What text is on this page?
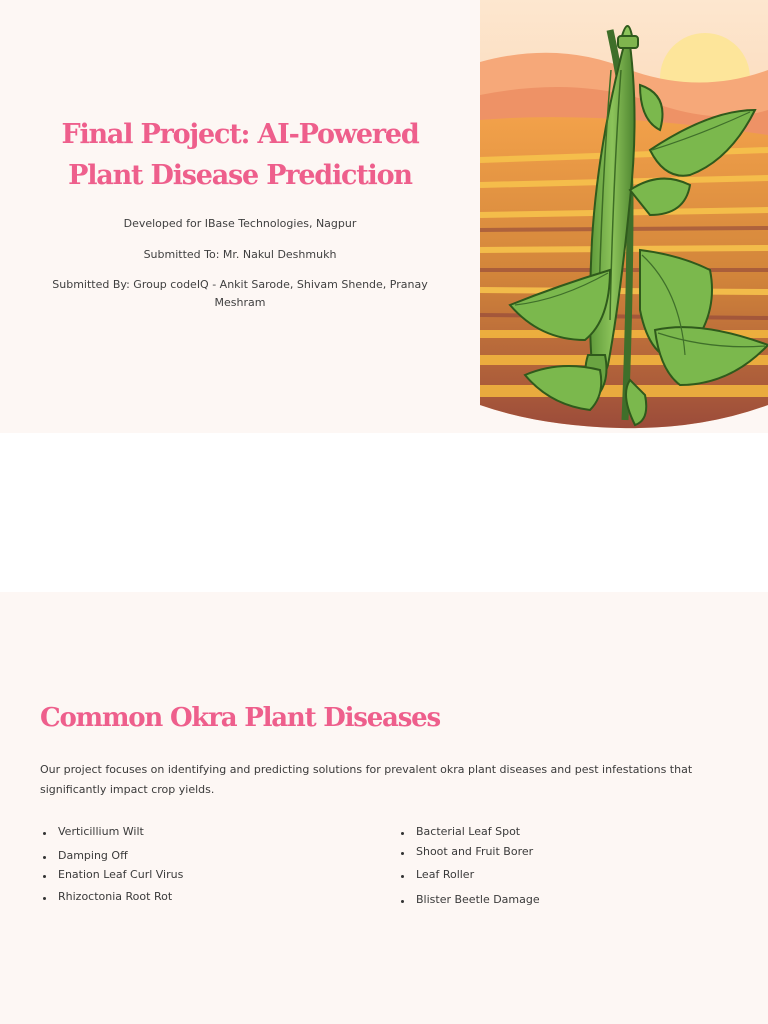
Final Project: AI-Powered
Plant Disease Prediction

Developed for IBase Technologies, Nagpur

Submitted To: Mr. Nakul Deshmukh

Submitted By: Group codeIQ - Ankit Sarode, Shivam Shende, Pranay Meshram

Common Okra Plant Diseases

Our project focuses on identifying and predicting solutions for prevalent okra plant diseases and pest infestations that significantly impact crop yields.

Verticillium Wilt
Damping Off
Enation Leaf Curl Virus
Rhizoctonia Root Rot
Bacterial Leaf Spot
Shoot and Fruit Borer
Leaf Roller
Blister Beetle Damage
